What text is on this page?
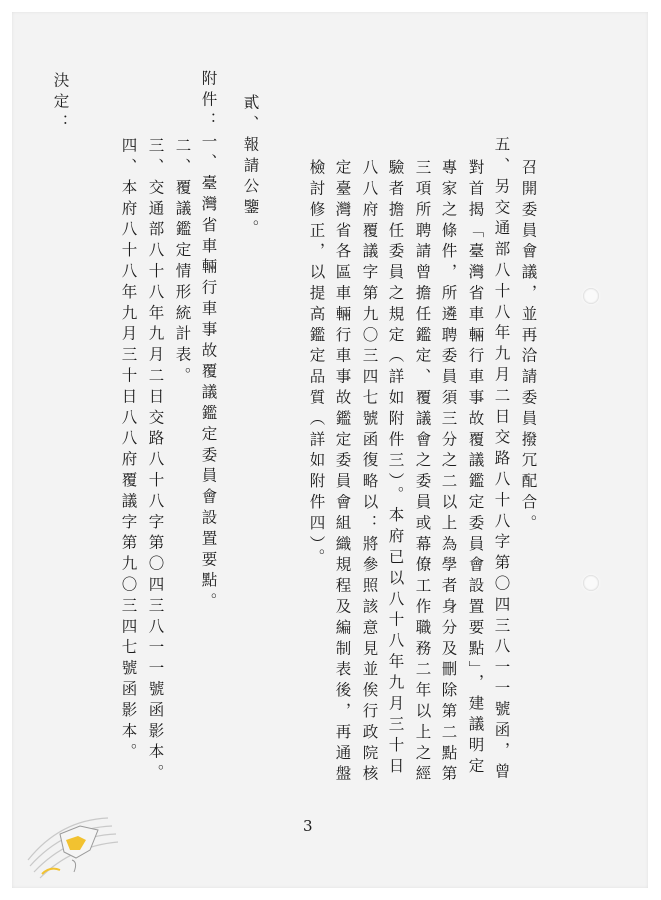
召開委員會議，並再洽請委員撥冗配合。
五、另交通部八十八年九月二日交路八十八字第〇四三八一一號函，曾
對首揭「臺灣省車輛行車事故覆議鑑定委員會設置要點」，建議明定
專家之條件，所遴聘委員須三分之二以上為學者身分及刪除第二點第
三項所聘請曾擔任鑑定、覆議會之委員或幕僚工作職務二年以上之經
驗者擔任委員之規定（詳如附件三）。本府已以八十八年九月三十日
八八府覆議字第九〇三四七號函復略以：將參照該意見並俟行政院核
定臺灣省各區車輛行車事故鑑定委員會組織規程及編制表後，再通盤
檢討修正，以提高鑑定品質（詳如附件四）。
貳、報請公鑒。
附件：一、臺灣省車輛行車事故覆議鑑定委員會設置要點。
二、覆議鑑定情形統計表。
三、交通部八十八年九月二日交路八十八字第〇四三八一一號函影本。
四、本府八十八年九月三十日八八府覆議字第九〇三四七號函影本。
決定：
3
